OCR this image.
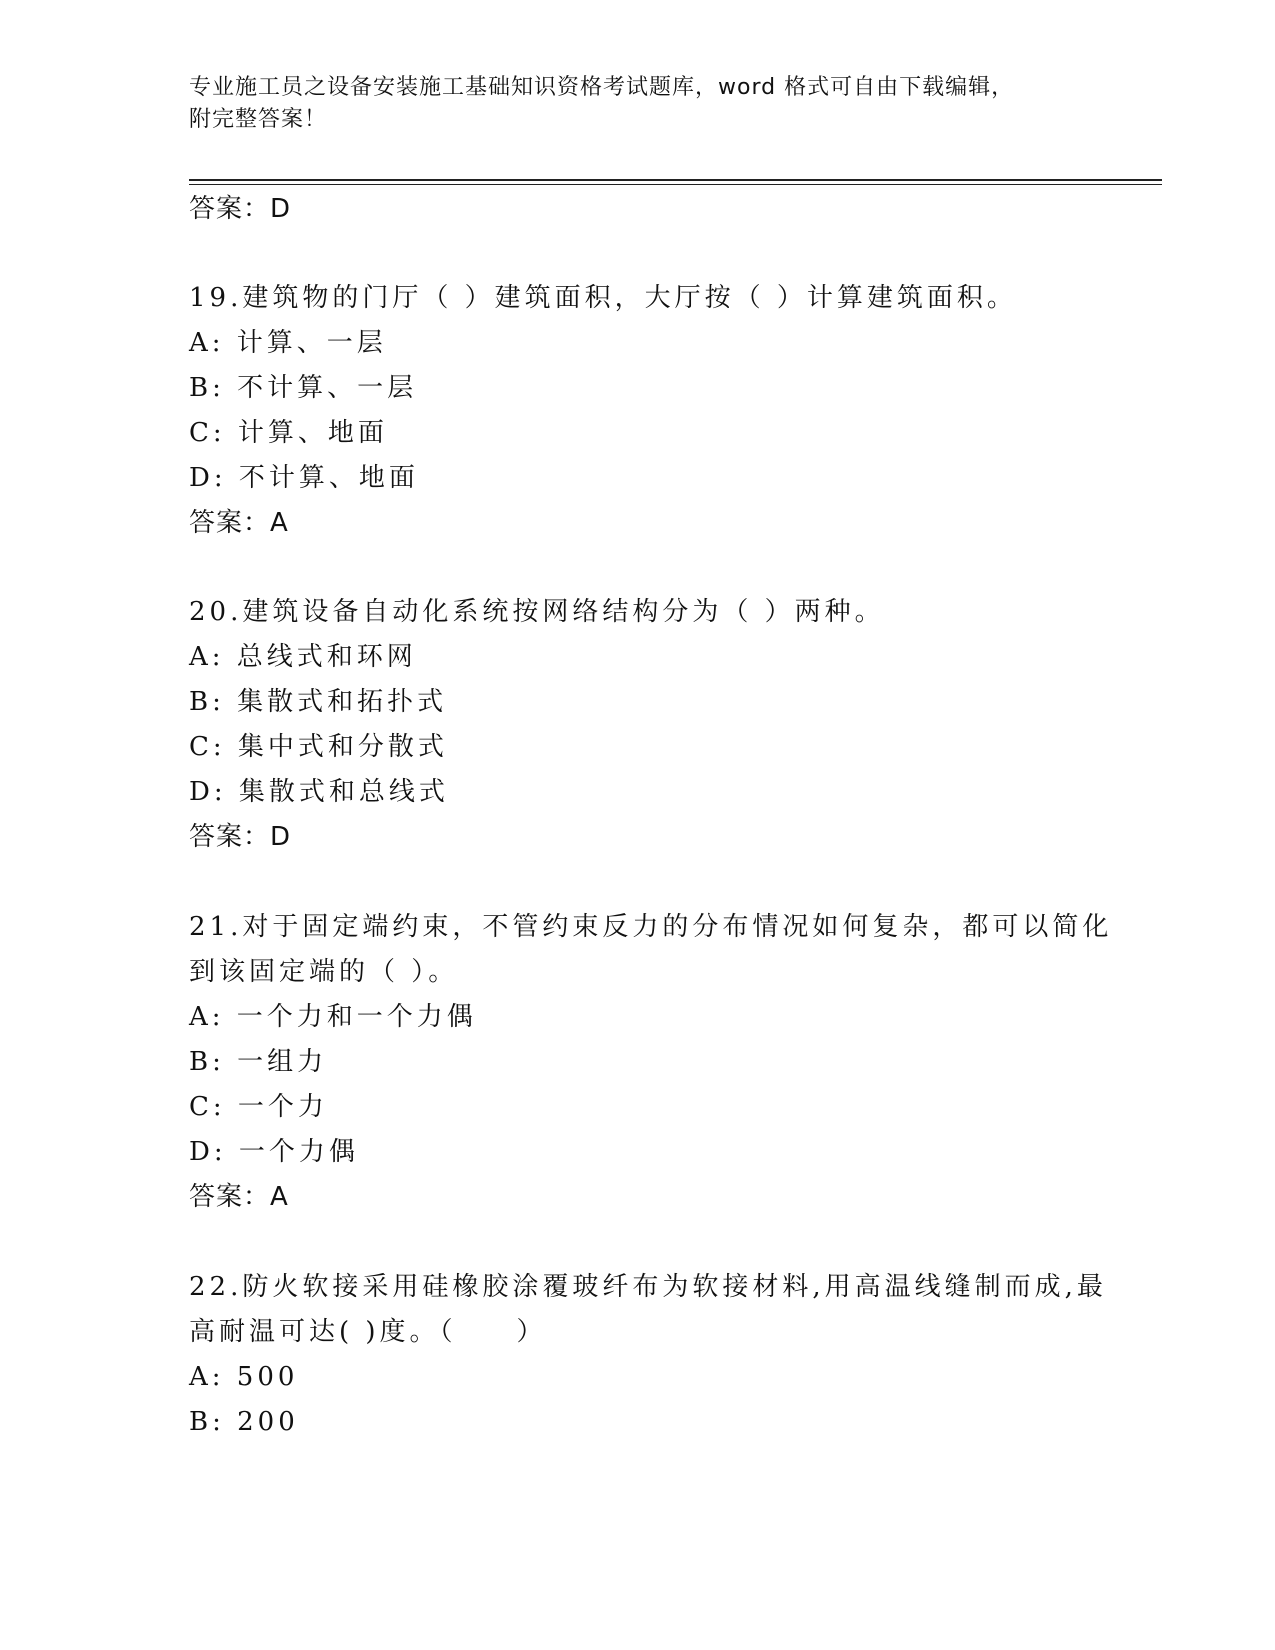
专业施工员之设备安装施工基础知识资格考试题库，word 格式可自由下载编辑，
附完整答案！
答案：D
19.建筑物的门厅（ ）建筑面积，大厅按（ ）计算建筑面积。
A: 计算、一层
B: 不计算、一层
C: 计算、地面
D: 不计算、地面
答案：A
20.建筑设备自动化系统按网络结构分为（ ）两种。
A: 总线式和环网
B: 集散式和拓扑式
C: 集中式和分散式
D: 集散式和总线式
答案：D
21.对于固定端约束，不管约束反力的分布情况如何复杂，都可以简化
到该固定端的（ ）。
A: 一个力和一个力偶
B: 一组力
C: 一个力
D: 一个力偶
答案：A
22.防火软接采用硅橡胶涂覆玻纤布为软接材料,用高温线缝制而成,最
高耐温可达( )度。（　　）
A: 500
B: 200
